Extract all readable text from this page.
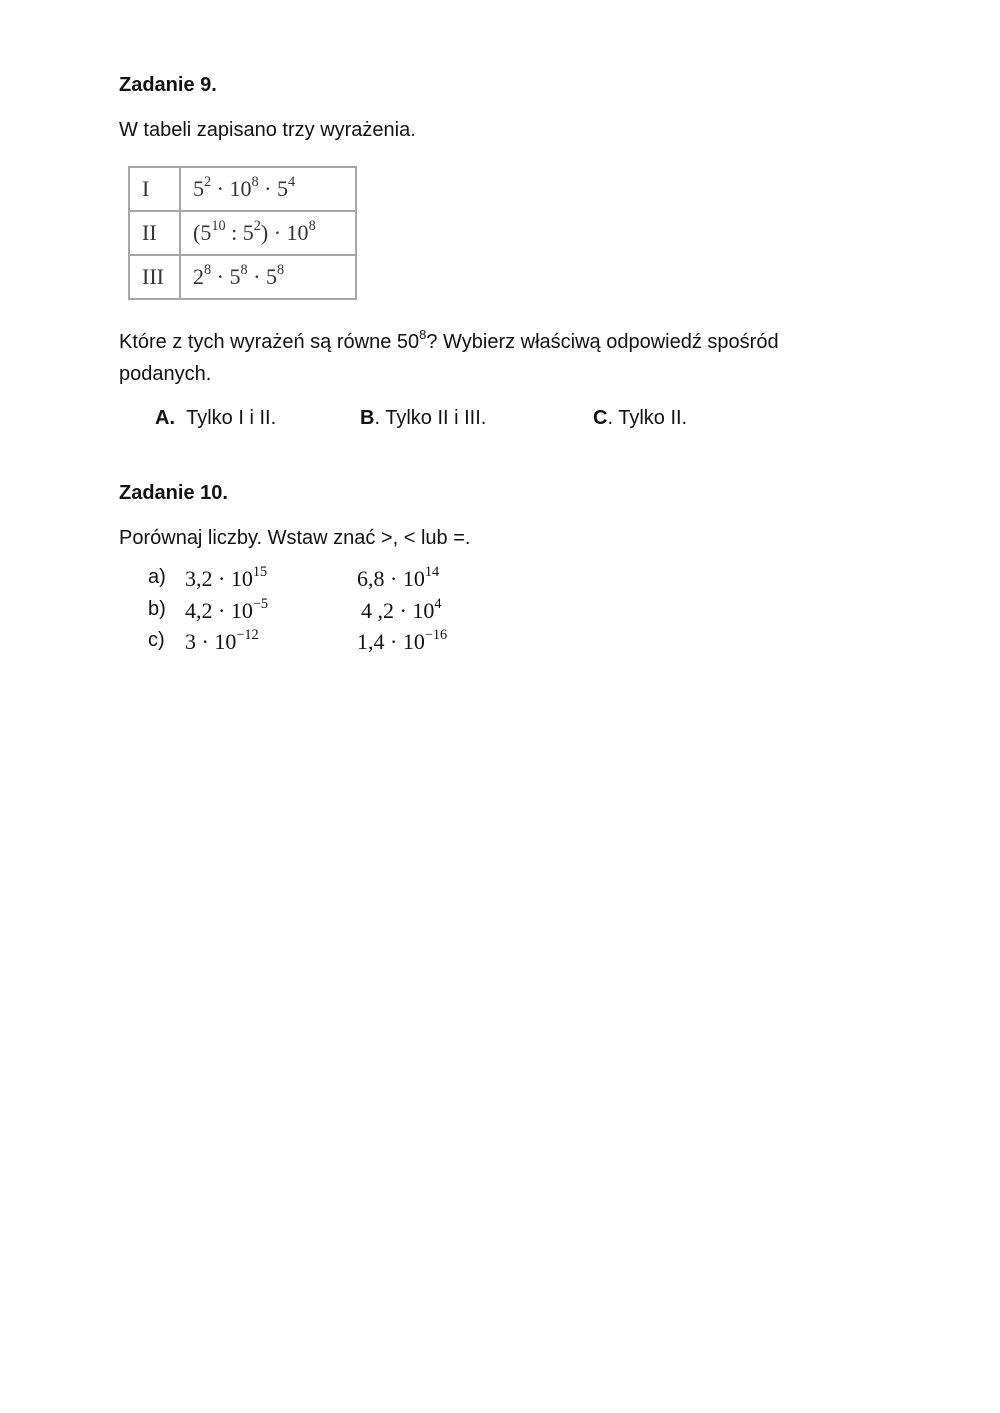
Zadanie 9.
W tabeli zapisano trzy wyrażenia.
I	$5^2 \cdot 10^8 \cdot 5^4$
II	($5^{10}$ : $5^2) \cdot 10^8$
III	$2^8 \cdot 5^8 \cdot 5^8$
Które z tych wyrażeń są równe $50^8$? Wybierz właściwą odpowiedź spośród
podanych.
A. Tylko I i II.	B. Tylko II i III.	C. Tylko II.
Zadanie 10.
Porównaj liczby. Wstaw znać >, < lub =.
a) $3,2 \cdot 10^{15}$	$6,8 \cdot 10^{14}$
b) $4,2 \cdot 10^{-5}$	4 $,2 \cdot 10^4$
c) $3 \cdot 10^{-12}$	$1,4 \cdot 10^{-16}$
